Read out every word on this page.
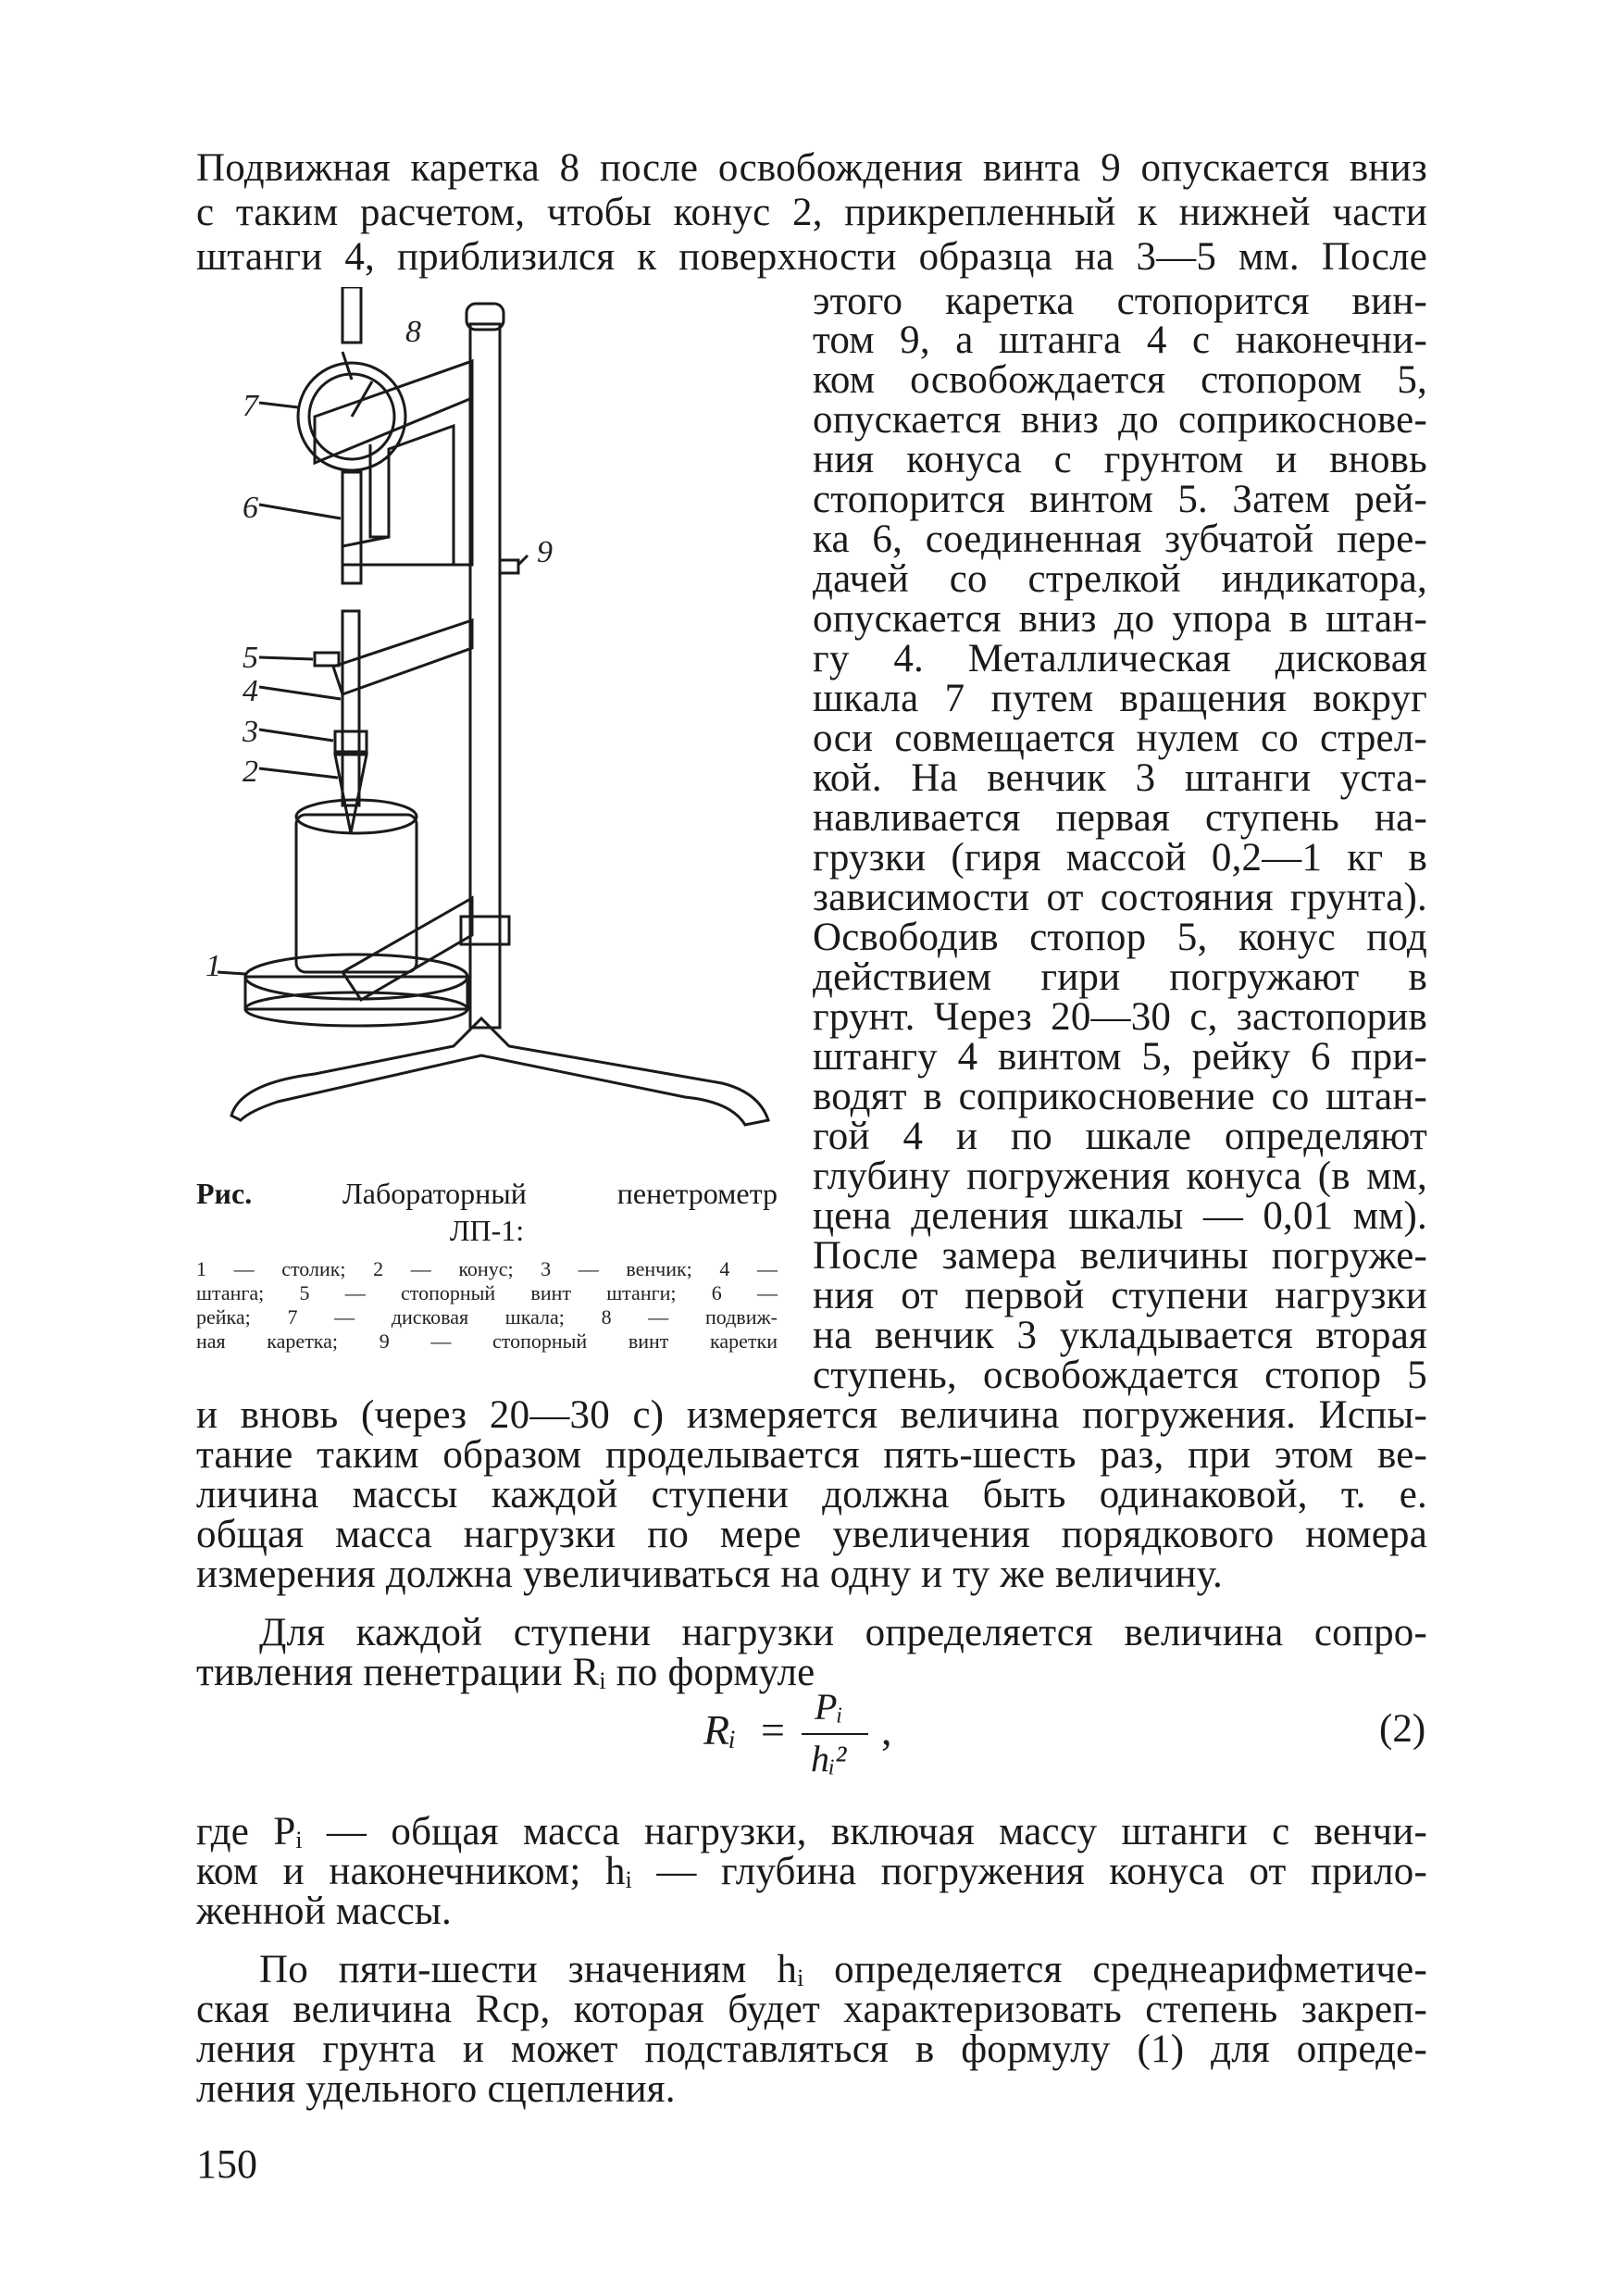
Подвижная каретка 8 после освобождения винта 9 опускается вниз
с таким расчетом, чтобы конус 2, прикрепленный к нижней части
штанги 4, приблизился к поверхности образца на 3—5 мм. После
этого каретка стопорится вин-
том 9, а штанга 4 с наконечни-
ком освобождается стопором 5,
опускается вниз до соприкоснове-
ния конуса с грунтом и вновь
стопорится винтом 5. Затем рей-
ка 6, соединенная зубчатой пере-
дачей со стрелкой индикатора,
опускается вниз до упора в штан-
гу 4. Металлическая дисковая
шкала 7 путем вращения вокруг
оси совмещается нулем со стрел-
кой. На венчик 3 штанги уста-
навливается первая ступень на-
грузки (гиря массой 0,2—1 кг в
зависимости от состояния грунта).
Освободив стопор 5, конус под
действием гири погружают в
грунт. Через 20—30 с, застопорив
штангу 4 винтом 5, рейку 6 при-
водят в соприкосновение со штан-
гой 4 и по шкале определяют
глубину погружения конуса (в мм,
цена деления шкалы — 0,01 мм).
После замера величины погруже-
ния от первой ступени нагрузки
на венчик 3 укладывается вторая
ступень, освобождается стопор 5
и вновь (через 20—30 с) измеряется величина погружения. Испы-
тание таким образом проделывается пять-шесть раз, при этом ве-
личина массы каждой ступени должна быть одинаковой, т. е.
общая масса нагрузки по мере увеличения порядкового номера
измерения должна увеличиваться на одну и ту же величину.
Для каждой ступени нагрузки определяется величина сопро-
тивления пенетрации Rᵢ по формуле
Rᵢ = Pᵢ
hᵢ²
,	(2)
где Pᵢ — общая масса нагрузки, включая массу штанги с венчи-
ком и наконечником; hᵢ — глубина погружения конуса от прило-
женной массы.
По пяти-шести значениям hᵢ определяется среднеарифметиче-
ская величина Rср, которая будет характеризовать степень закреп-
ления грунта и может подставляться в формулу (1) для опреде-
ления удельного сцепления.
1
2
3
4
5
6
7
8
9
Рис.	Лабораторный пенетрометр
ЛП-1:
1 — столик; 2 — конус; 3 — венчик; 4 —
штанга; 5 — стопорный винт штанги; 6 —
рейка; 7 — дисковая шкала; 8 — подвиж-
ная каретка; 9 — стопорный винт каретки
150
